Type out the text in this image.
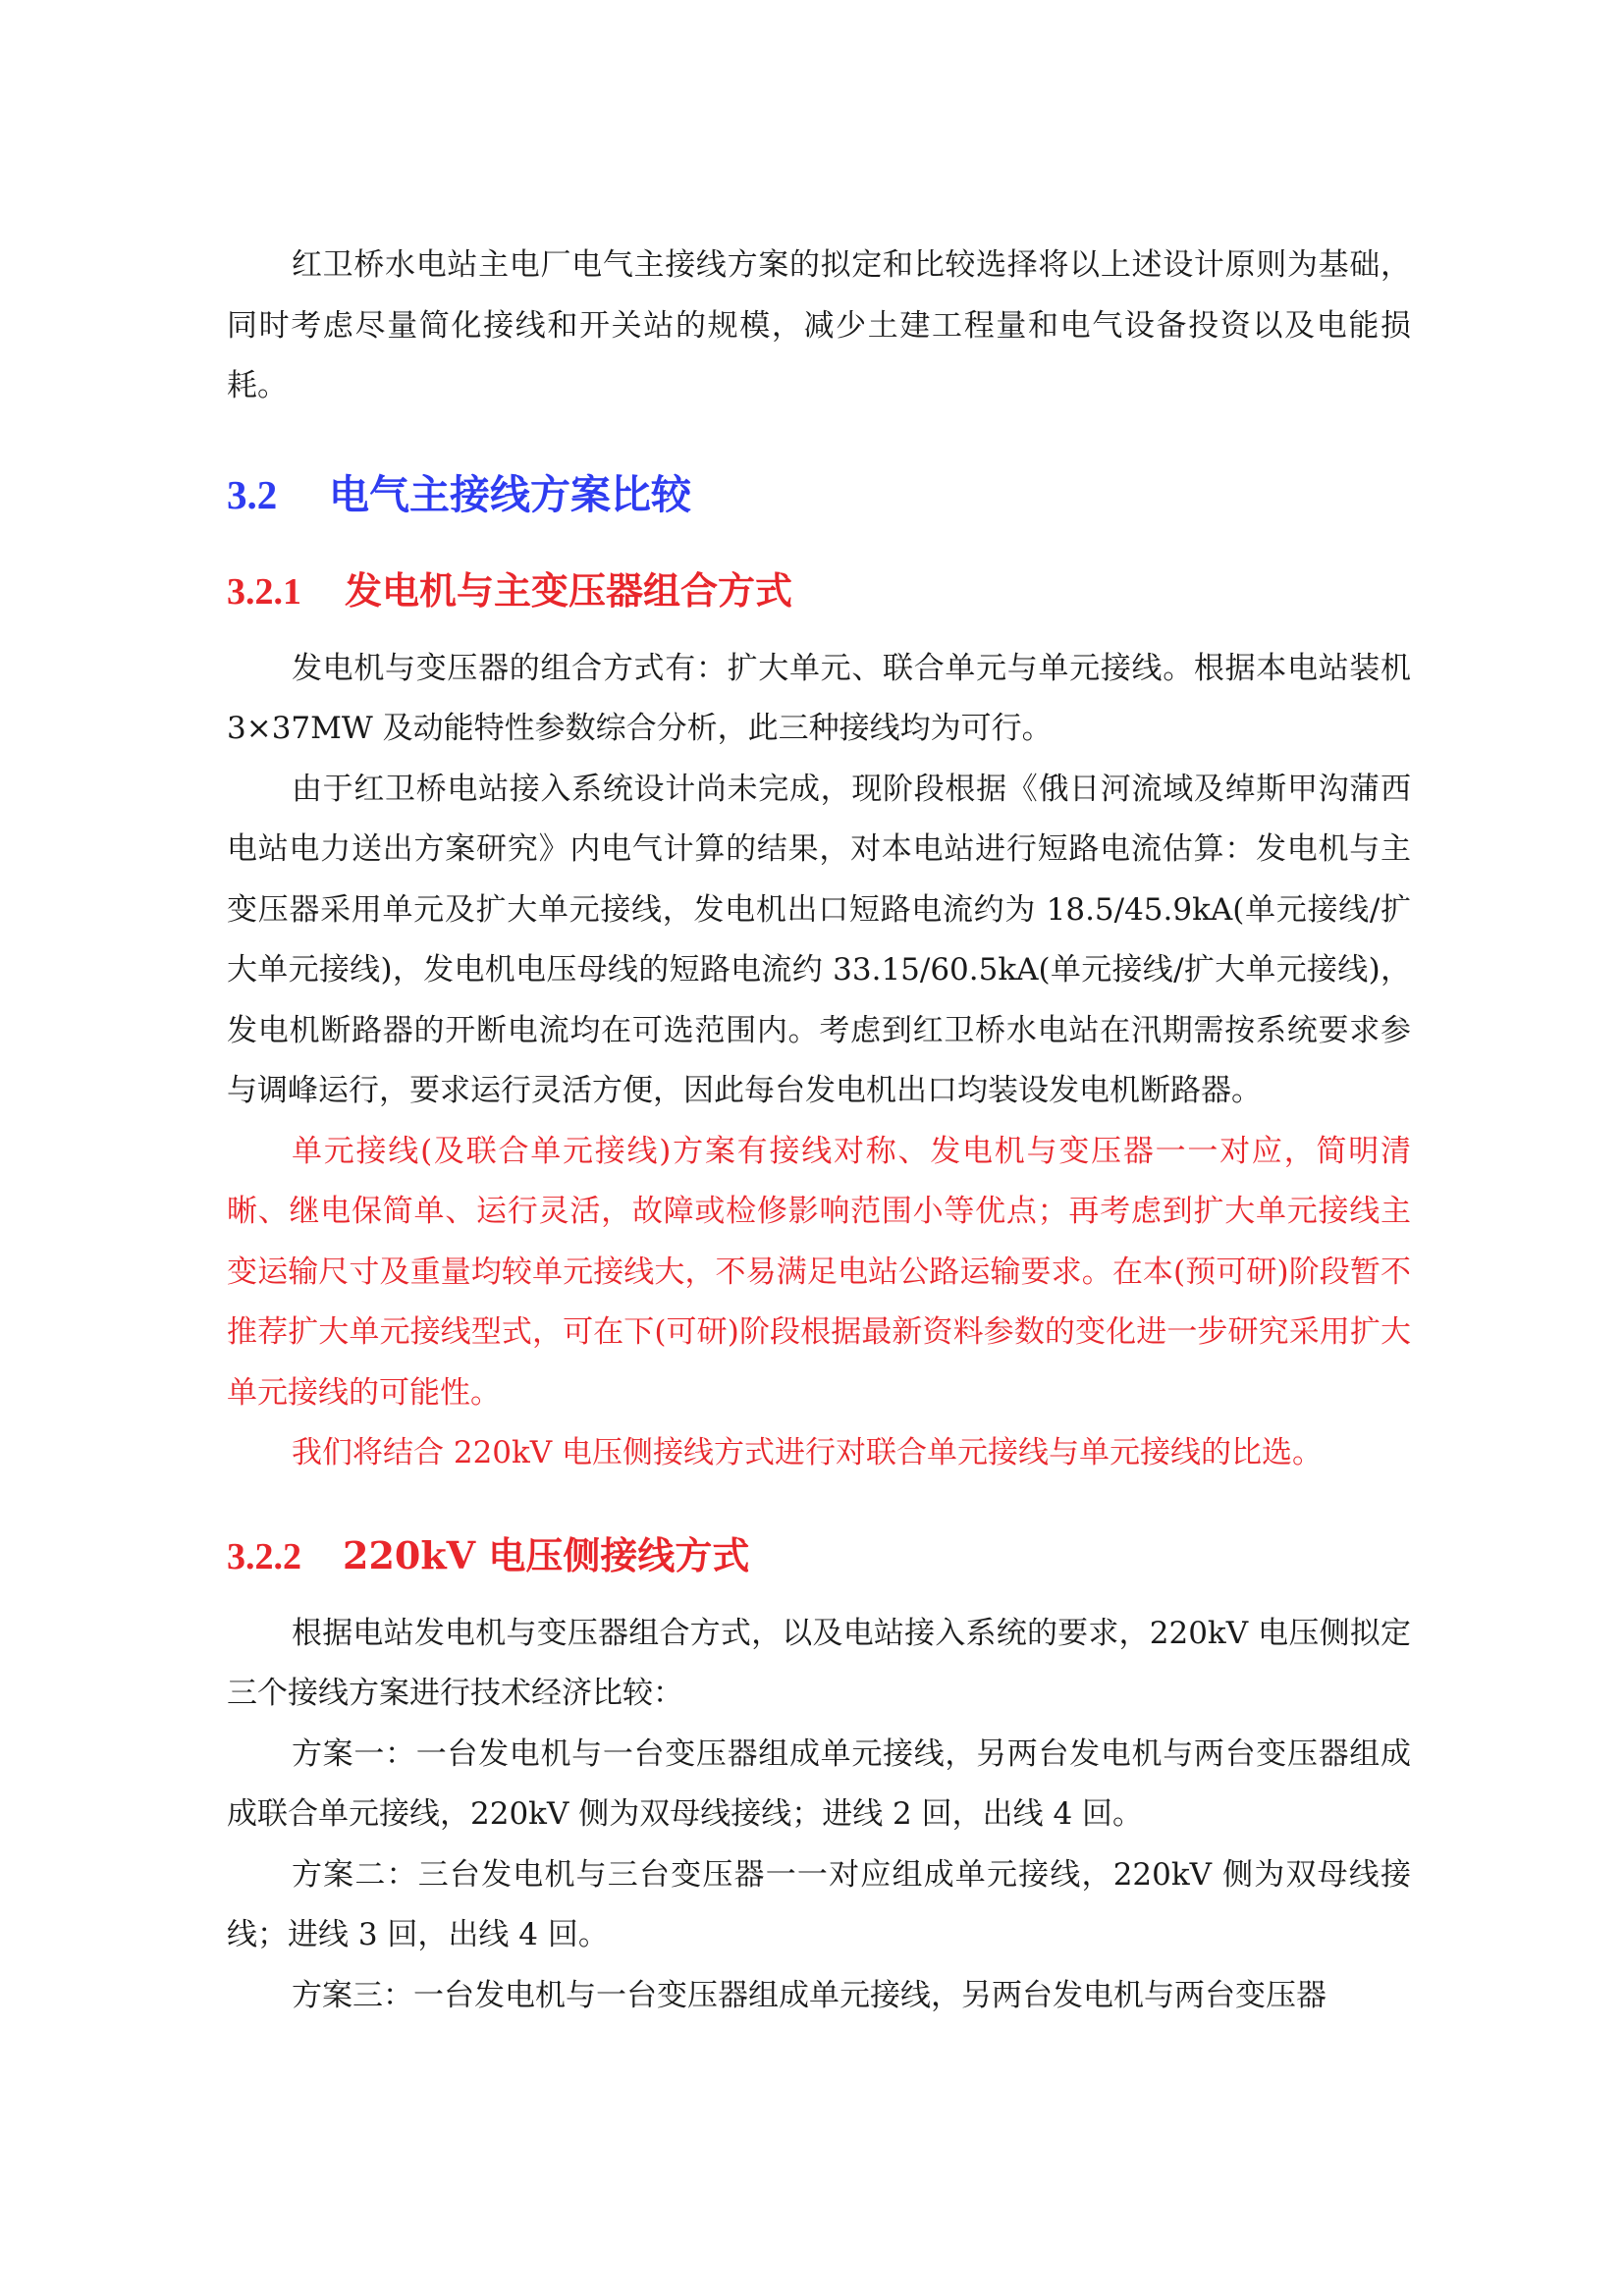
红卫桥水电站主电厂电气主接线方案的拟定和比较选择将以上述设计原则为基础，同时考虑尽量简化接线和开关站的规模，减少土建工程量和电气设备投资以及电能损耗。

3.2 电气主接线方案比较
3.2.1 发电机与主变压器组合方式

发电机与变压器的组合方式有：扩大单元、联合单元与单元接线。根据本电站装机 3×37MW 及动能特性参数综合分析，此三种接线均为可行。

由于红卫桥电站接入系统设计尚未完成，现阶段根据《俄日河流域及绰斯甲沟蒲西电站电力送出方案研究》内电气计算的结果，对本电站进行短路电流估算：发电机与主变压器采用单元及扩大单元接线，发电机出口短路电流约为 18.5/45.9kA(单元接线/扩大单元接线)，发电机电压母线的短路电流约 33.15/60.5kA(单元接线/扩大单元接线)，发电机断路器的开断电流均在可选范围内。考虑到红卫桥水电站在汛期需按系统要求参与调峰运行，要求运行灵活方便，因此每台发电机出口均装设发电机断路器。

单元接线(及联合单元接线)方案有接线对称、发电机与变压器一一对应，简明清晰、继电保简单、运行灵活，故障或检修影响范围小等优点；再考虑到扩大单元接线主变运输尺寸及重量均较单元接线大，不易满足电站公路运输要求。在本(预可研)阶段暂不推荐扩大单元接线型式，可在下(可研)阶段根据最新资料参数的变化进一步研究采用扩大单元接线的可能性。

我们将结合 220kV 电压侧接线方式进行对联合单元接线与单元接线的比选。

3.2.2 220kV 电压侧接线方式

根据电站发电机与变压器组合方式，以及电站接入系统的要求，220kV 电压侧拟定三个接线方案进行技术经济比较：

方案一：一台发电机与一台变压器组成单元接线，另两台发电机与两台变压器组成成联合单元接线，220kV 侧为双母线接线；进线 2 回，出线 4 回。

方案二：三台发电机与三台变压器一一对应组成单元接线，220kV 侧为双母线接线；进线 3 回，出线 4 回。

方案三：一台发电机与一台变压器组成单元接线，另两台发电机与两台变压器
